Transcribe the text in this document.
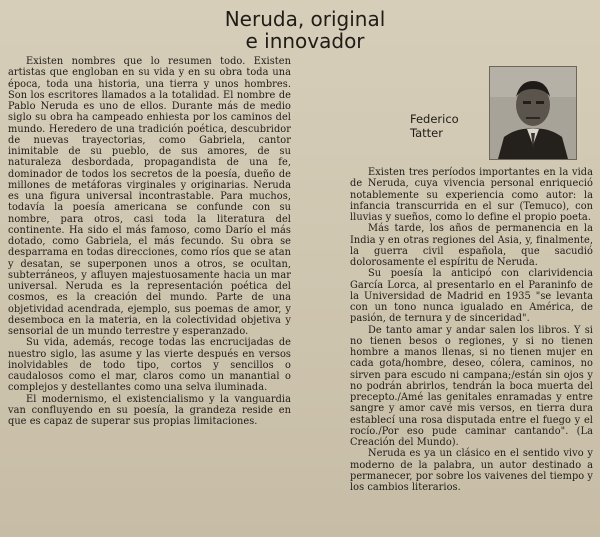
Neruda, original
e innovador

Existen nombres que lo resumen todo. Existen artistas que engloban en su vida y en su obra toda una época, toda una historia, una tierra y unos hombres. Son los escritores llamados a la totalidad. El nombre de Pablo Neruda es uno de ellos. Durante más de medio siglo su obra ha campeado enhiesta por los caminos del mundo. Heredero de una tradición poética, descubridor de nuevas trayectorias, como Gabriela, cantor inimitable de su pueblo, de sus amores, de su naturaleza desbordada, propagandista de una fe, dominador de todos los secretos de la poesía, dueño de millones de metáforas virginales y originarias. Neruda es una figura universal incontrastable. Para muchos, todavía la poesía americana se confunde con su nombre, para otros, casi toda la literatura del continente. Ha sido el más famoso, como Darío el más dotado, como Gabriela, el más fecundo. Su obra se desparrama en todas direcciones, como ríos que se atan y desatan, se superponen unos a otros, se ocultan, subterráneos, y afluyen majestuosamente hacia un mar universal. Neruda es la representación poética del cosmos, es la creación del mundo. Parte de una objetividad acendrada, ejemplo, sus poemas de amor, y desemboca en la materia, en la colectividad objetiva y sensorial de un mundo terrestre y esperanzado.

Su vida, además, recoge todas las encrucijadas de nuestro siglo, las asume y las vierte después en versos inolvidables de todo tipo, cortos y sencillos o caudalosos como el mar, claros como un manantial o complejos y destellantes como una selva iluminada.

El modernismo, el existencialismo y la vanguardia van confluyendo en su poesía, la grandeza reside en que es capaz de superar sus propias limitaciones.

Federico
Tatter

Existen tres períodos importantes en la vida de Neruda, cuya vivencia personal enriqueció notablemente su experiencia como autor: la infancia transcurrida en el sur (Temuco), con lluvias y sueños, como lo define el propio poeta.

Más tarde, los años de permanencia en la India y en otras regiones del Asia, y, finalmente, la guerra civil española, que sacudió dolorosamente el espíritu de Neruda.

Su poesía la anticipó con clarividencia García Lorca, al presentarlo en el Paraninfo de la Universidad de Madrid en 1935 "se levanta con un tono nunca igualado en América, de pasión, de ternura y de sinceridad".

De tanto amar y andar salen los libros. Y si no tienen besos o regiones, y si no tienen hombre a manos llenas, si no tienen mujer en cada gota/hombre, deseo, cólera, caminos, no sirven para escudo ni campana;/están sin ojos y no podrán abrirlos, tendrán la boca muerta del precepto./Amé las genitales enramadas y entre sangre y amor cavé mis versos, en tierra dura establecí una rosa disputada entre el fuego y el rocío./Por eso pude caminar cantando". (La Creación del Mundo).

Neruda es ya un clásico en el sentido vivo y moderno de la palabra, un autor destinado a permanecer, por sobre los vaivenes del tiempo y los cambios literarios.
